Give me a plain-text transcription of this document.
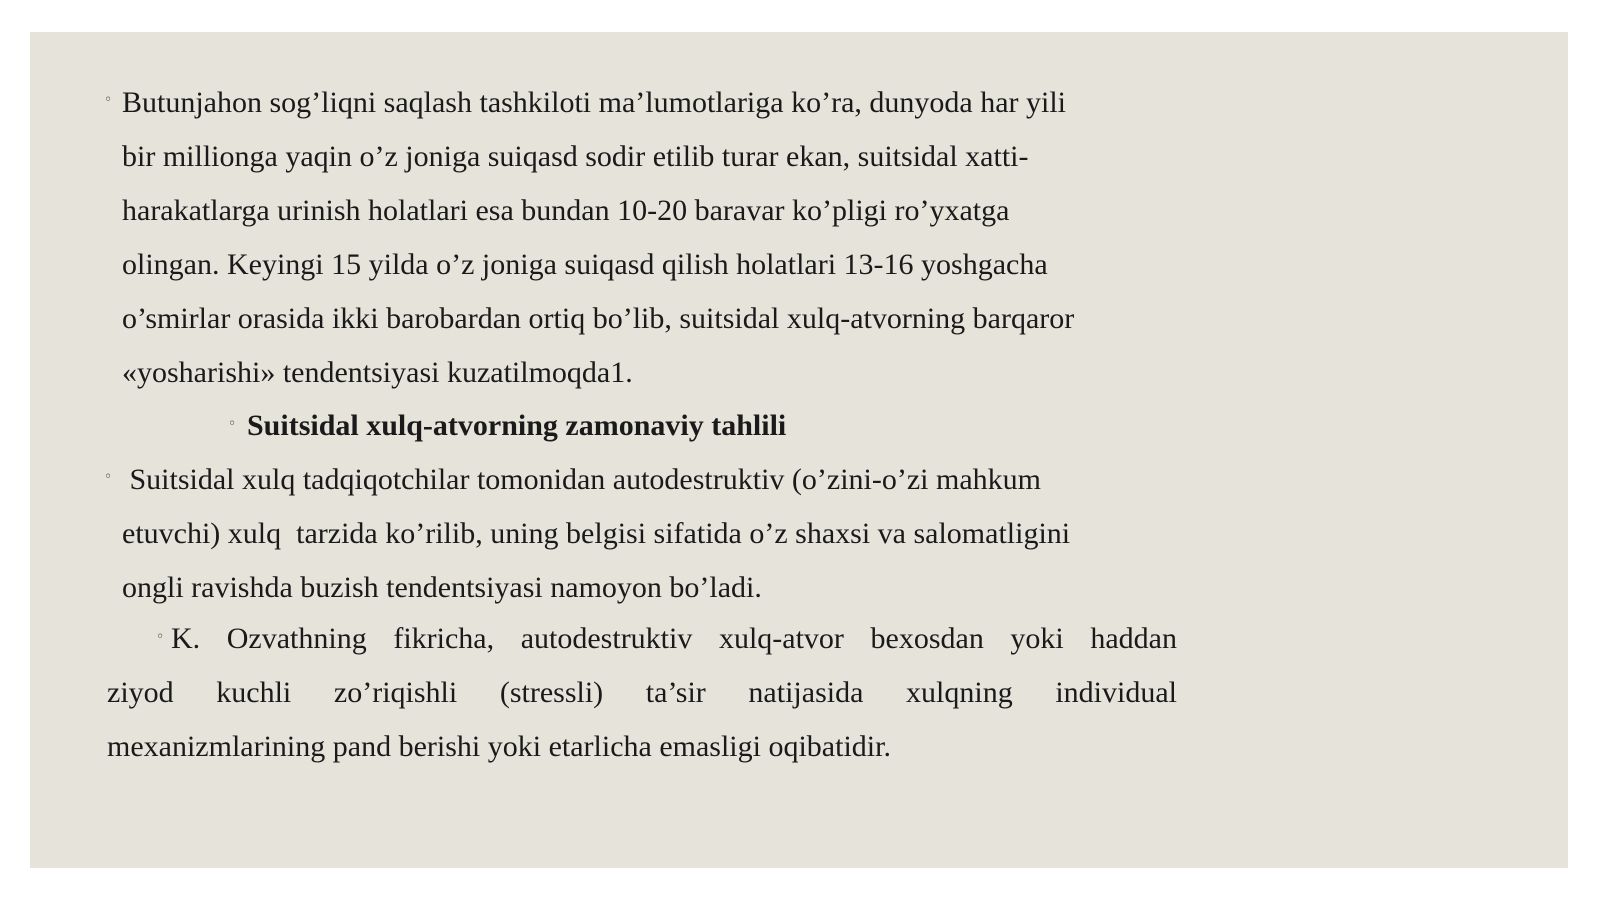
◦ Butunjahon sog’liqni saqlash tashkiloti ma’lumotlariga ko’ra, dunyoda har yili
bir millionga yaqin o’z joniga suiqasd sodir etilib turar ekan, suitsidal xatti-
harakatlarga urinish holatlari esa bundan 10-20 baravar ko’pligi ro’yxatga
olingan. Keyingi 15 yilda o’z joniga suiqasd qilish holatlari 13-16 yoshgacha
o’smirlar orasida ikki barobardan ortiq bo’lib, suitsidal xulq-atvorning barqaror
«yosharishi» tendentsiyasi kuzatilmoqda1.
◦ Suitsidal xulq-atvorning zamonaviy tahlili
◦ Suitsidal xulq tadqiqotchilar tomonidan autodestruktiv (o’zini-o’zi mahkum
etuvchi) xulq  tarzida ko’rilib, uning belgisi sifatida o’z shaxsi va salomatligini
ongli ravishda buzish tendentsiyasi namoyon bo’ladi.
◦ K. Ozvathning fikricha, autodestruktiv xulq-atvor bexosdan yoki haddan
ziyod kuchli zo’riqishli (stressli) ta’sir natijasida xulqning individual
mexanizmlarining pand berishi yoki etarlicha emasligi oqibatidir.
